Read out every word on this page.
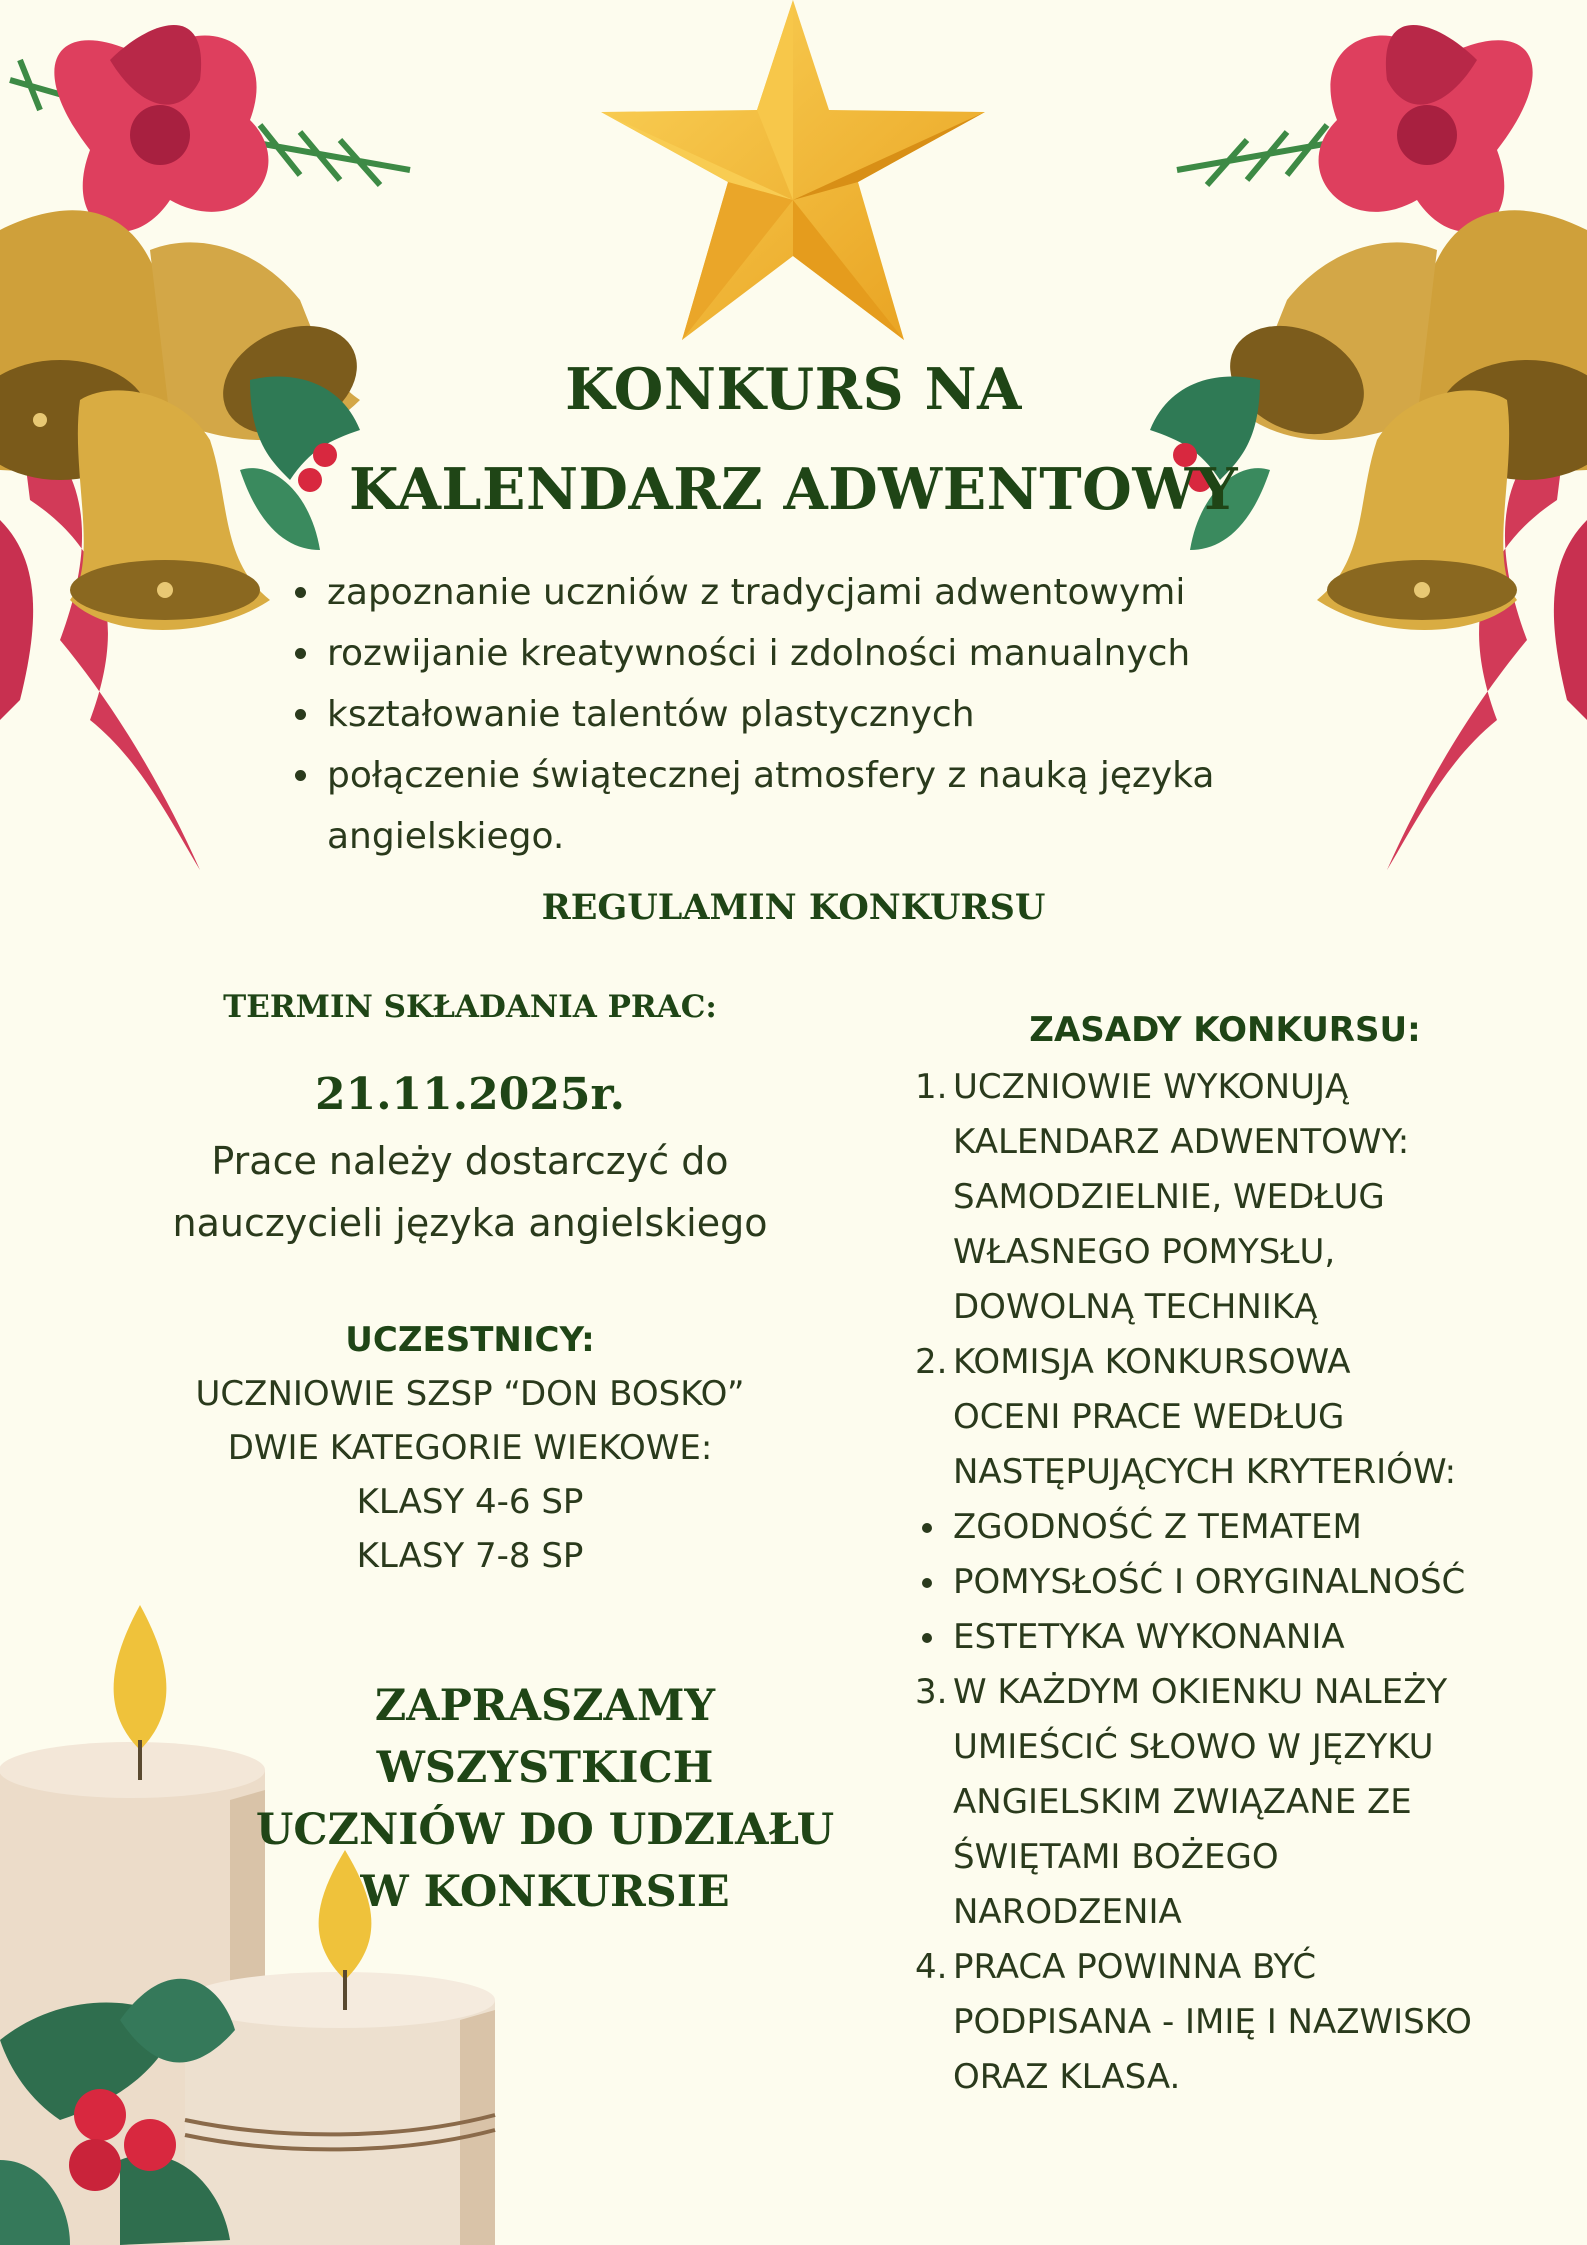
KONKURS NA
KALENDARZ ADWENTOWY
zapoznanie uczniów z tradycjami adwentowymi
rozwijanie kreatywności i zdolności manualnych
kształowanie talentów plastycznych
połączenie świątecznej atmosfery z nauką języka angielskiego.
REGULAMIN KONKURSU
TERMIN SKŁADANIA PRAC:
21.11.2025r.
Prace należy dostarczyć do
nauczycieli języka angielskiego
UCZESTNICY:
UCZNIOWIE SZSP “DON BOSKO”
DWIE KATEGORIE WIEKOWE:
KLASY 4-6 SP
KLASY 7-8 SP
ZAPRASZAMY WSZYSTKICH
UCZNIÓW DO UDZIAŁU
W KONKURSIE
ZASADY KONKURSU:
1. UCZNIOWIE WYKONUJĄ
KALENDARZ ADWENTOWY:
SAMODZIELNIE, WEDŁUG
WŁASNEGO POMYSŁU,
DOWOLNĄ TECHNIKĄ
2. KOMISJA KONKURSOWA
OCENI PRACE WEDŁUG
NASTĘPUJĄCYCH KRYTERIÓW:
ZGODNOŚĆ Z TEMATEM
POMYSŁOŚĆ I ORYGINALNOŚĆ
ESTETYKA WYKONANIA
3. W KAŻDYM OKIENKU NALEŻY
UMIEŚCIĆ SŁOWO W JĘZYKU
ANGIELSKIM ZWIĄZANE ZE
ŚWIĘTAMI BOŻEGO
NARODZENIA
4. PRACA POWINNA BYĆ
PODPISANA - IMIĘ I NAZWISKO
ORAZ KLASA.
